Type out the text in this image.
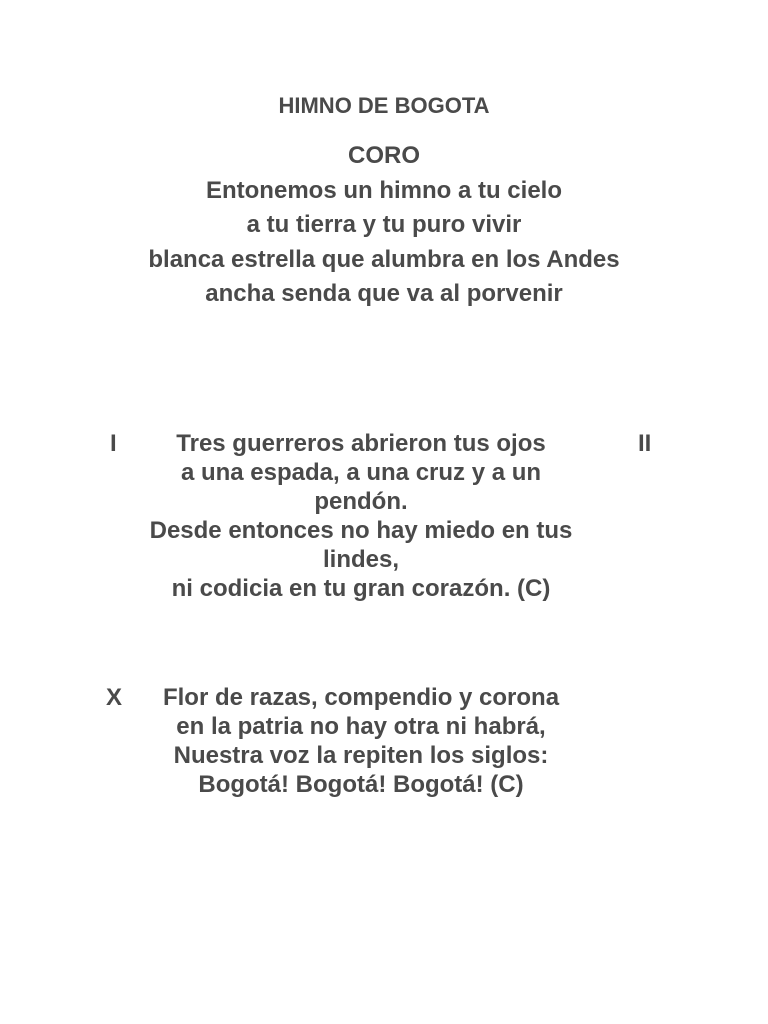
HIMNO DE BOGOTA
CORO
Entonemos un himno a tu cielo
a tu tierra y tu puro vivir
blanca estrella que alumbra en los Andes
ancha senda que va al porvenir
I	II
Tres guerreros abrieron tus ojos
a una espada, a una cruz y a un
pendón.
Desde entonces no hay miedo en tus
lindes,
ni codicia en tu gran corazón. (C)
X	Flor de razas, compendio y corona
en la patria no hay otra ni habrá,
Nuestra voz la repiten los siglos:
Bogotá! Bogotá! Bogotá! (C)
